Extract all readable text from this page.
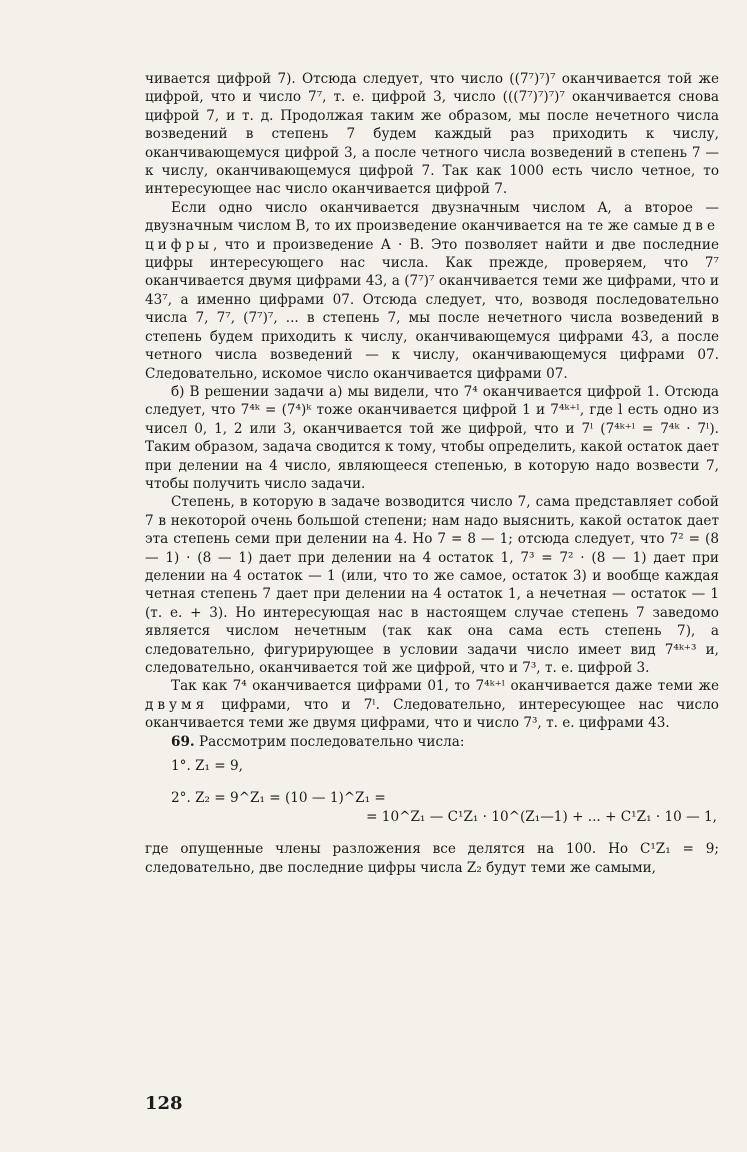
чивается цифрой 7). Отсюда следует, что число ((7⁷)⁷)⁷ оканчивается той же цифрой, что и число 7⁷, т. е. цифрой 3, число (((7⁷)⁷)⁷)⁷ оканчивается снова цифрой 7, и т. д. Продолжая таким же образом, мы после нечетного числа возведений в степень 7 будем каждый раз приходить к числу, оканчивающемуся цифрой 3, а после четного числа возведений в степень 7 — к числу, оканчивающемуся цифрой 7. Так как 1000 есть число четное, то интересующее нас число оканчивается цифрой 7.

Если одно число оканчивается двузначным числом A, а второе — двузначным числом B, то их произведение оканчивается на те же самые две цифры, что и произведение A · B. Это позволяет найти и две последние цифры интересующего нас числа. Как прежде, проверяем, что 7⁷ оканчивается двумя цифрами 43, а (7⁷)⁷ оканчивается теми же цифрами, что и 43⁷, а именно цифрами 07. Отсюда следует, что, возводя последовательно числа 7, 7⁷, (7⁷)⁷, ... в степень 7, мы после нечетного числа возведений в степень будем приходить к числу, оканчивающемуся цифрами 43, а после четного числа возведений — к числу, оканчивающемуся цифрами 07. Следовательно, искомое число оканчивается цифрами 07.

б) В решении задачи а) мы видели, что 7⁴ оканчивается цифрой 1. Отсюда следует, что 7⁴ᵏ = (7⁴)ᵏ тоже оканчивается цифрой 1 и 7⁴ᵏ⁺ˡ, где l есть одно из чисел 0, 1, 2 или 3, оканчивается той же цифрой, что и 7ˡ (7⁴ᵏ⁺ˡ = 7⁴ᵏ · 7ˡ). Таким образом, задача сводится к тому, чтобы определить, какой остаток дает при делении на 4 число, являющееся степенью, в которую надо возвести 7, чтобы получить число задачи.

Степень, в которую в задаче возводится число 7, сама представляет собой 7 в некоторой очень большой степени; нам надо выяснить, какой остаток дает эта степень семи при делении на 4. Но 7 = 8 — 1; отсюда следует, что 7² = (8 — 1) · (8 — 1) дает при делении на 4 остаток 1, 7³ = 7² · (8 — 1) дает при делении на 4 остаток — 1 (или, что то же самое, остаток 3) и вообще каждая четная степень 7 дает при делении на 4 остаток 1, а нечетная — остаток — 1 (т. е. + 3). Но интересующая нас в настоящем случае степень 7 заведомо является числом нечетным (так как она сама есть степень 7), а следовательно, фигурирующее в условии задачи число имеет вид 7⁴ᵏ⁺³ и, следовательно, оканчивается той же цифрой, что и 7³, т. е. цифрой 3.

Так как 7⁴ оканчивается цифрами 01, то 7⁴ᵏ⁺ˡ оканчивается даже теми же двумя цифрами, что и 7ˡ. Следовательно, интересующее нас число оканчивается теми же двумя цифрами, что и число 7³, т. е. цифрами 43.

69. Рассмотрим последовательно числа:

1°. Z₁ = 9,
2°. Z₂ = 9^Z₁ = (10 — 1)^Z₁ =
= 10^Z₁ — C¹Z₁ · 10^(Z₁—1) + ... + C¹Z₁ · 10 — 1,

где опущенные члены разложения все делятся на 100. Но C¹Z₁ = 9; следовательно, две последние цифры числа Z₂ будут теми же самыми,

128
